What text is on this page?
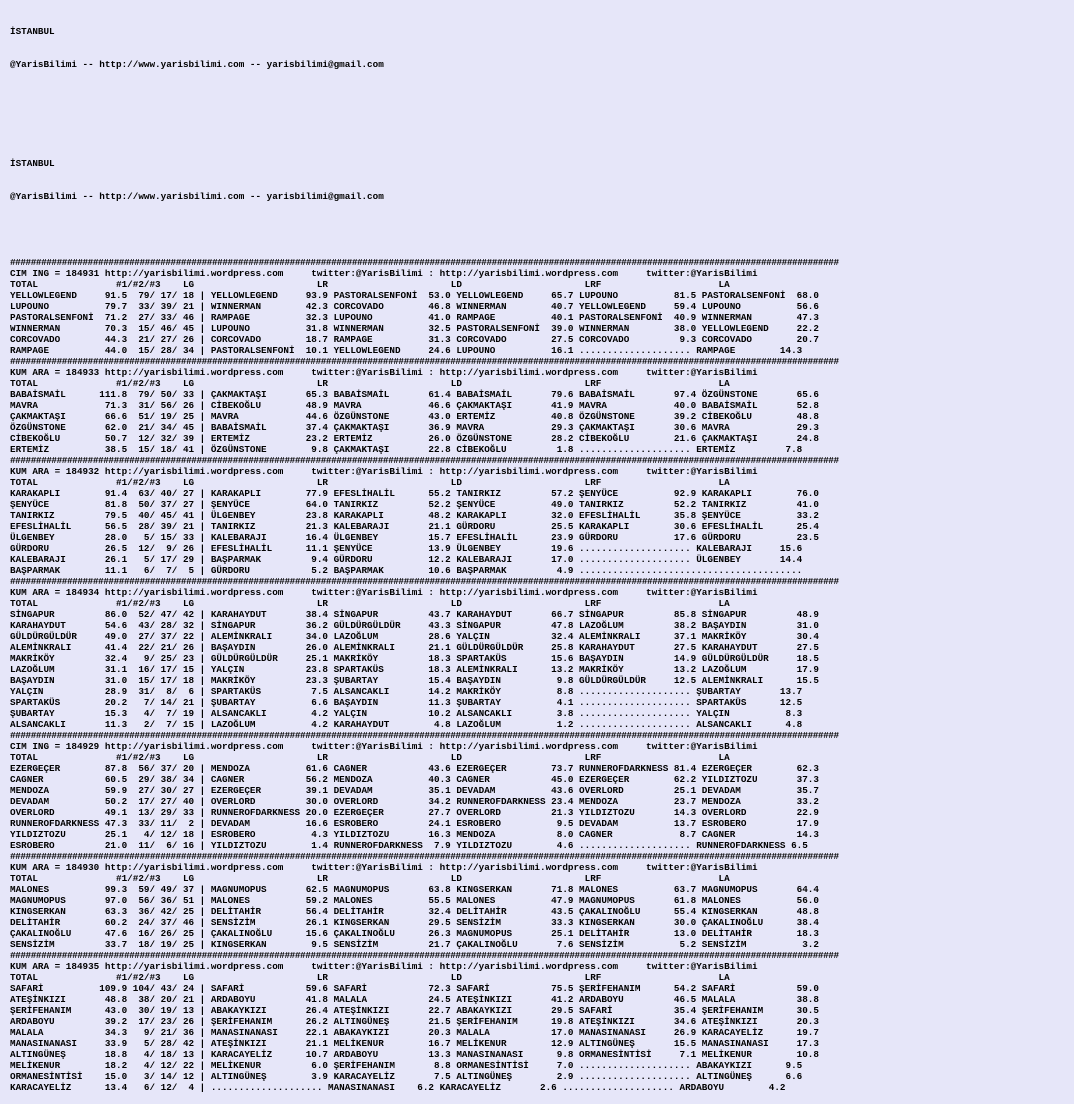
İSTANBUL

@YarisBilimi -- http://www.yarisbilimi.com -- yarisbilimi@gmail.com

İSTANBUL

@YarisBilimi -- http://www.yarisbilimi.com -- yarisbilimi@gmail.com

################################################################################################################################################################
CIM ING = 184931 http://yarisbilimi.wordpress.com     twitter:@YarisBilimi : http://yarisbilimi.wordpress.com     twitter:@YarisBilimi
TOTAL              #1/#2/#3    LG                      LR                      LD                      LRF                     LA
YELLOWLEGEND     91.5  79/ 17/ 18 | YELLOWLEGEND     93.9 PASTORALSENFONİ  53.0 YELLOWLEGEND     65.7 LUPOUNO          81.5 PASTORALSENFONİ  68.0
LUPOUNO          79.7  33/ 39/ 21 | WINNERMAN        42.3 CORCOVADO        46.8 WINNERMAN        40.7 YELLOWLEGEND     59.4 LUPOUNO          56.6
PASTORALSENFONİ  71.2  27/ 33/ 46 | RAMPAGE          32.3 LUPOUNO          41.0 RAMPAGE          40.1 PASTORALSENFONİ  40.9 WINNERMAN        47.3
WINNERMAN        70.3  15/ 46/ 45 | LUPOUNO          31.8 WINNERMAN        32.5 PASTORALSENFONİ  39.0 WINNERMAN        38.0 YELLOWLEGEND     22.2
CORCOVADO        44.3  21/ 27/ 26 | CORCOVADO        18.7 RAMPAGE          31.3 CORCOVADO        27.5 CORCOVADO         9.3 CORCOVADO        20.7
RAMPAGE          44.0  15/ 28/ 34 | PASTORALSENFONİ  10.1 YELLOWLEGEND     24.6 LUPOUNO          16.1 .................... RAMPAGE        14.3
################################################################################################################################################################
KUM ARA = 184933 http://yarisbilimi.wordpress.com     twitter:@YarisBilimi : http://yarisbilimi.wordpress.com     twitter:@YarisBilimi
TOTAL              #1/#2/#3    LG                      LR                      LD                      LRF                     LA
BABAİSMAİL      111.8  79/ 50/ 33 | ÇAKMAKTAŞI       65.3 BABAİSMAİL       61.4 BABAİSMAİL       79.6 BABAİSMAİL       97.4 ÖZGÜNSTONE       65.6
MAVRA            71.3  31/ 56/ 26 | CİBEKOĞLU        48.9 MAVRA            46.6 ÇAKMAKTAŞI       41.9 MAVRA            40.0 BABAİSMAİL       52.8
ÇAKMAKTAŞI       66.6  51/ 19/ 25 | MAVRA            44.6 ÖZGÜNSTONE       43.0 ERTEMİZ          40.8 ÖZGÜNSTONE       39.2 CİBEKOĞLU        48.8
ÖZGÜNSTONE       62.0  21/ 34/ 45 | BABAİSMAİL       37.4 ÇAKMAKTAŞI       36.9 MAVRA            29.3 ÇAKMAKTAŞI       30.6 MAVRA            29.3
CİBEKOĞLU        50.7  12/ 32/ 39 | ERTEMİZ          23.2 ERTEMİZ          26.0 ÖZGÜNSTONE       28.2 CİBEKOĞLU        21.6 ÇAKMAKTAŞI       24.8
ERTEMİZ          38.5  15/ 18/ 41 | ÖZGÜNSTONE        9.8 ÇAKMAKTAŞI       22.8 CİBEKOĞLU         1.8 .................... ERTEMİZ         7.8
################################################################################################################################################################
KUM ARA = 184932 http://yarisbilimi.wordpress.com     twitter:@YarisBilimi : http://yarisbilimi.wordpress.com     twitter:@YarisBilimi
TOTAL              #1/#2/#3    LG                      LR                      LD                      LRF                     LA
KARAKAPLI        91.4  63/ 40/ 27 | KARAKAPLI        77.9 EFESLİHALİL      55.2 TANIRKIZ         57.2 ŞENYÜCE          92.9 KARAKAPLI        76.0
ŞENYÜCE          81.8  50/ 37/ 27 | ŞENYÜCE          64.0 TANIRKIZ         52.2 ŞENYÜCE          49.0 TANIRKIZ         52.2 TANIRKIZ         41.0
TANIRKIZ         79.5  40/ 45/ 41 | ÜLGENBEY         23.8 KARAKAPLI        48.2 KARAKAPLI        32.0 EFESLİHALİL      35.8 ŞENYÜCE          33.2
EFESLİHALİL      56.5  28/ 39/ 21 | TANIRKIZ         21.3 KALEBARAJI       21.1 GÜRDORU          25.5 KARAKAPLI        30.6 EFESLİHALİL      25.4
ÜLGENBEY         28.0   5/ 15/ 33 | KALEBARAJI       16.4 ÜLGENBEY         15.7 EFESLİHALİL      23.9 GÜRDORU          17.6 GÜRDORU          23.5
GÜRDORU          26.5  12/  9/ 26 | EFESLİHALİL      11.1 ŞENYÜCE          13.9 ÜLGENBEY         19.6 .................... KALEBARAJI     15.6
KALEBARAJI       26.1   5/ 17/ 29 | BAŞPARMAK         9.4 GÜRDORU          12.2 KALEBARAJI       17.0 .................... ÜLGENBEY       14.4
BAŞPARMAK        11.1   6/  7/  5 | GÜRDORU           5.2 BAŞPARMAK        10.6 BAŞPARMAK         4.9 ........................................
################################################################################################################################################################
KUM ARA = 184934 http://yarisbilimi.wordpress.com     twitter:@YarisBilimi : http://yarisbilimi.wordpress.com     twitter:@YarisBilimi
TOTAL              #1/#2/#3    LG                      LR                      LD                      LRF                     LA
SİNGAPUR         86.0  52/ 47/ 42 | KARAHAYDUT       38.4 SİNGAPUR         43.7 KARAHAYDUT       66.7 SİNGAPUR         85.8 SİNGAPUR         48.9
KARAHAYDUT       54.6  43/ 28/ 32 | SİNGAPUR         36.2 GÜLDÜRGÜLDÜR     43.3 SİNGAPUR         47.8 LAZOĞLUM         38.2 BAŞAYDIN         31.0
GÜLDÜRGÜLDÜR     49.0  27/ 37/ 22 | ALEMİNKRALI      34.0 LAZOĞLUM         28.6 YALÇIN           32.4 ALEMİNKRALI      37.1 MAKRİKÖY         30.4
ALEMİNKRALI      41.4  22/ 21/ 26 | BAŞAYDIN         26.0 ALEMİNKRALI      21.1 GÜLDÜRGÜLDÜR     25.8 KARAHAYDUT       27.5 KARAHAYDUT       27.5
MAKRİKÖY         32.4   9/ 25/ 23 | GÜLDÜRGÜLDÜR     25.1 MAKRİKÖY         18.3 SPARTAKÜS        15.6 BAŞAYDIN         14.9 GÜLDÜRGÜLDÜR     18.5
LAZOĞLUM         31.1  16/ 17/ 15 | YALÇIN           23.8 SPARTAKÜS        18.3 ALEMİNKRALI      13.2 MAKRİKÖY         13.2 LAZOĞLUM         17.9
BAŞAYDIN         31.0  15/ 17/ 18 | MAKRİKÖY         23.3 ŞUBARTAY         15.4 BAŞAYDIN          9.8 GÜLDÜRGÜLDÜR     12.5 ALEMİNKRALI      15.5
YALÇIN           28.9  31/  8/  6 | SPARTAKÜS         7.5 ALSANCAKLI       14.2 MAKRİKÖY          8.8 .................... ŞUBARTAY       13.7
SPARTAKÜS        20.2   7/ 14/ 21 | ŞUBARTAY          6.6 BAŞAYDIN         11.3 ŞUBARTAY          4.1 .................... SPARTAKÜS      12.5
ŞUBARTAY         15.3   4/  7/ 19 | ALSANCAKLI        4.2 YALÇIN           10.2 ALSANCAKLI        3.8 .................... YALÇIN          8.3
ALSANCAKLI       11.3   2/  7/ 15 | LAZOĞLUM          4.2 KARAHAYDUT        4.8 LAZOĞLUM          1.2 .................... ALSANCAKLI      4.8
################################################################################################################################################################
CIM ING = 184929 http://yarisbilimi.wordpress.com     twitter:@YarisBilimi : http://yarisbilimi.wordpress.com     twitter:@YarisBilimi
TOTAL              #1/#2/#3    LG                      LR                      LD                      LRF                     LA
EZERGEÇER        87.8  56/ 37/ 20 | MENDOZA          61.6 CAGNER           43.6 EZERGEÇER        73.7 RUNNEROFDARKNESS 81.4 EZERGEÇER        62.3
CAGNER           60.5  29/ 38/ 34 | CAGNER           56.2 MENDOZA          40.3 CAGNER           45.0 EZERGEÇER        62.2 YILDIZTOZU       37.3
MENDOZA          59.9  27/ 30/ 27 | EZERGEÇER        39.1 DEVADAM          35.1 DEVADAM          43.6 OVERLORD         25.1 DEVADAM          35.7
DEVADAM          50.2  17/ 27/ 40 | OVERLORD         30.0 OVERLORD         34.2 RUNNEROFDARKNESS 23.4 MENDOZA          23.7 MENDOZA          33.2
OVERLORD         49.1  13/ 29/ 33 | RUNNEROFDARKNESS 20.0 EZERGEÇER        27.7 OVERLORD         21.3 YILDIZTOZU       14.3 OVERLORD         22.9
RUNNEROFDARKNESS 47.3  33/ 11/  2 | DEVADAM          16.6 ESROBERO         24.1 ESROBERO          9.5 DEVADAM          13.7 ESROBERO         17.9
YILDIZTOZU       25.1   4/ 12/ 18 | ESROBERO          4.3 YILDIZTOZU       16.3 MENDOZA           8.0 CAGNER            8.7 CAGNER           14.3
ESROBERO         21.0  11/  6/ 16 | YILDIZTOZU        1.4 RUNNEROFDARKNESS  7.9 YILDIZTOZU        4.6 .................... RUNNEROFDARKNESS 6.5
################################################################################################################################################################
KUM ARA = 184930 http://yarisbilimi.wordpress.com     twitter:@YarisBilimi : http://yarisbilimi.wordpress.com     twitter:@YarisBilimi
TOTAL              #1/#2/#3    LG                      LR                      LD                      LRF                     LA
MALONES          99.3  59/ 49/ 37 | MAGNUMOPUS       62.5 MAGNUMOPUS       63.8 KINGSERKAN       71.8 MALONES          63.7 MAGNUMOPUS       64.4
MAGNUMOPUS       97.0  56/ 36/ 51 | MALONES          59.2 MALONES          55.5 MALONES          47.9 MAGNUMOPUS       61.8 MALONES          56.0
KINGSERKAN       63.3  36/ 42/ 25 | DELİTAHİR        56.4 DELİTAHİR        32.4 DELİTAHİR        43.5 ÇAKALINOĞLU      55.4 KINGSERKAN       48.8
DELİTAHİR        60.2  24/ 37/ 46 | SENSİZİM         26.1 KINGSERKAN       29.5 SENSİZİM         33.3 KINGSERKAN       30.0 ÇAKALINOĞLU      38.4
ÇAKALINOĞLU      47.6  16/ 26/ 25 | ÇAKALINOĞLU      15.6 ÇAKALINOĞLU      26.3 MAGNUMOPUS       25.1 DELİTAHİR        13.0 DELİTAHİR        18.3
SENSİZİM         33.7  18/ 19/ 25 | KINGSERKAN        9.5 SENSİZİM         21.7 ÇAKALINOĞLU       7.6 SENSİZİM          5.2 SENSİZİM          3.2
################################################################################################################################################################
KUM ARA = 184935 http://yarisbilimi.wordpress.com     twitter:@YarisBilimi : http://yarisbilimi.wordpress.com     twitter:@YarisBilimi
TOTAL              #1/#2/#3    LG                      LR                      LD                      LRF                     LA
SAFARİ          109.9 104/ 43/ 24 | SAFARİ           59.6 SAFARİ           72.3 SAFARİ           75.5 ŞERİFEHANIM      54.2 SAFARİ           59.0
ATEŞİNKIZI       48.8  38/ 20/ 21 | ARDABOYU         41.8 MALALA           24.5 ATEŞİNKIZI       41.2 ARDABOYU         46.5 MALALA           38.8
ŞERİFEHANIM      43.0  30/ 19/ 13 | ABAKAYKIZI       26.4 ATEŞİNKIZI       22.7 ABAKAYKIZI       29.5 SAFARİ           35.4 ŞERİFEHANIM      30.5
ARDABOYU         39.2  17/ 23/ 26 | ŞERİFEHANIM      26.2 ALTINGÜNEŞ       21.5 ŞERİFEHANIM      19.8 ATEŞİNKIZI       34.6 ATEŞİNKIZI       20.3
MALALA           34.3   9/ 21/ 36 | MANASINANASI     22.1 ABAKAYKIZI       20.3 MALALA           17.0 MANASINANASI     26.9 KARACAYELİZ      19.7
MANASINANASI     33.9   5/ 28/ 42 | ATEŞİNKIZI       21.1 MELİKENUR        16.7 MELİKENUR        12.9 ALTINGÜNEŞ       15.5 MANASINANASI     17.3
ALTINGÜNEŞ       18.8   4/ 18/ 13 | KARACAYELİZ      10.7 ARDABOYU         13.3 MANASINANASI      9.8 ORMANESİNTİSİ     7.1 MELİKENUR        10.8
MELİKENUR        18.2   4/ 12/ 22 | MELİKENUR         6.0 ŞERİFEHANIM       8.8 ORMANESİNTİSİ     7.0 .................... ABAKAYKIZI      9.5
ORMANESİNTİSİ    15.0   3/ 14/ 12 | ALTINGÜNEŞ        3.9 KARACAYELİZ       7.5 ALTINGÜNEŞ        2.9 .................... ALTINGÜNEŞ      6.6
KARACAYELİZ      13.4   6/ 12/  4 | .................... MANASINANASI    6.2 KARACAYELİZ       2.6 .................... ARDABOYU        4.2
